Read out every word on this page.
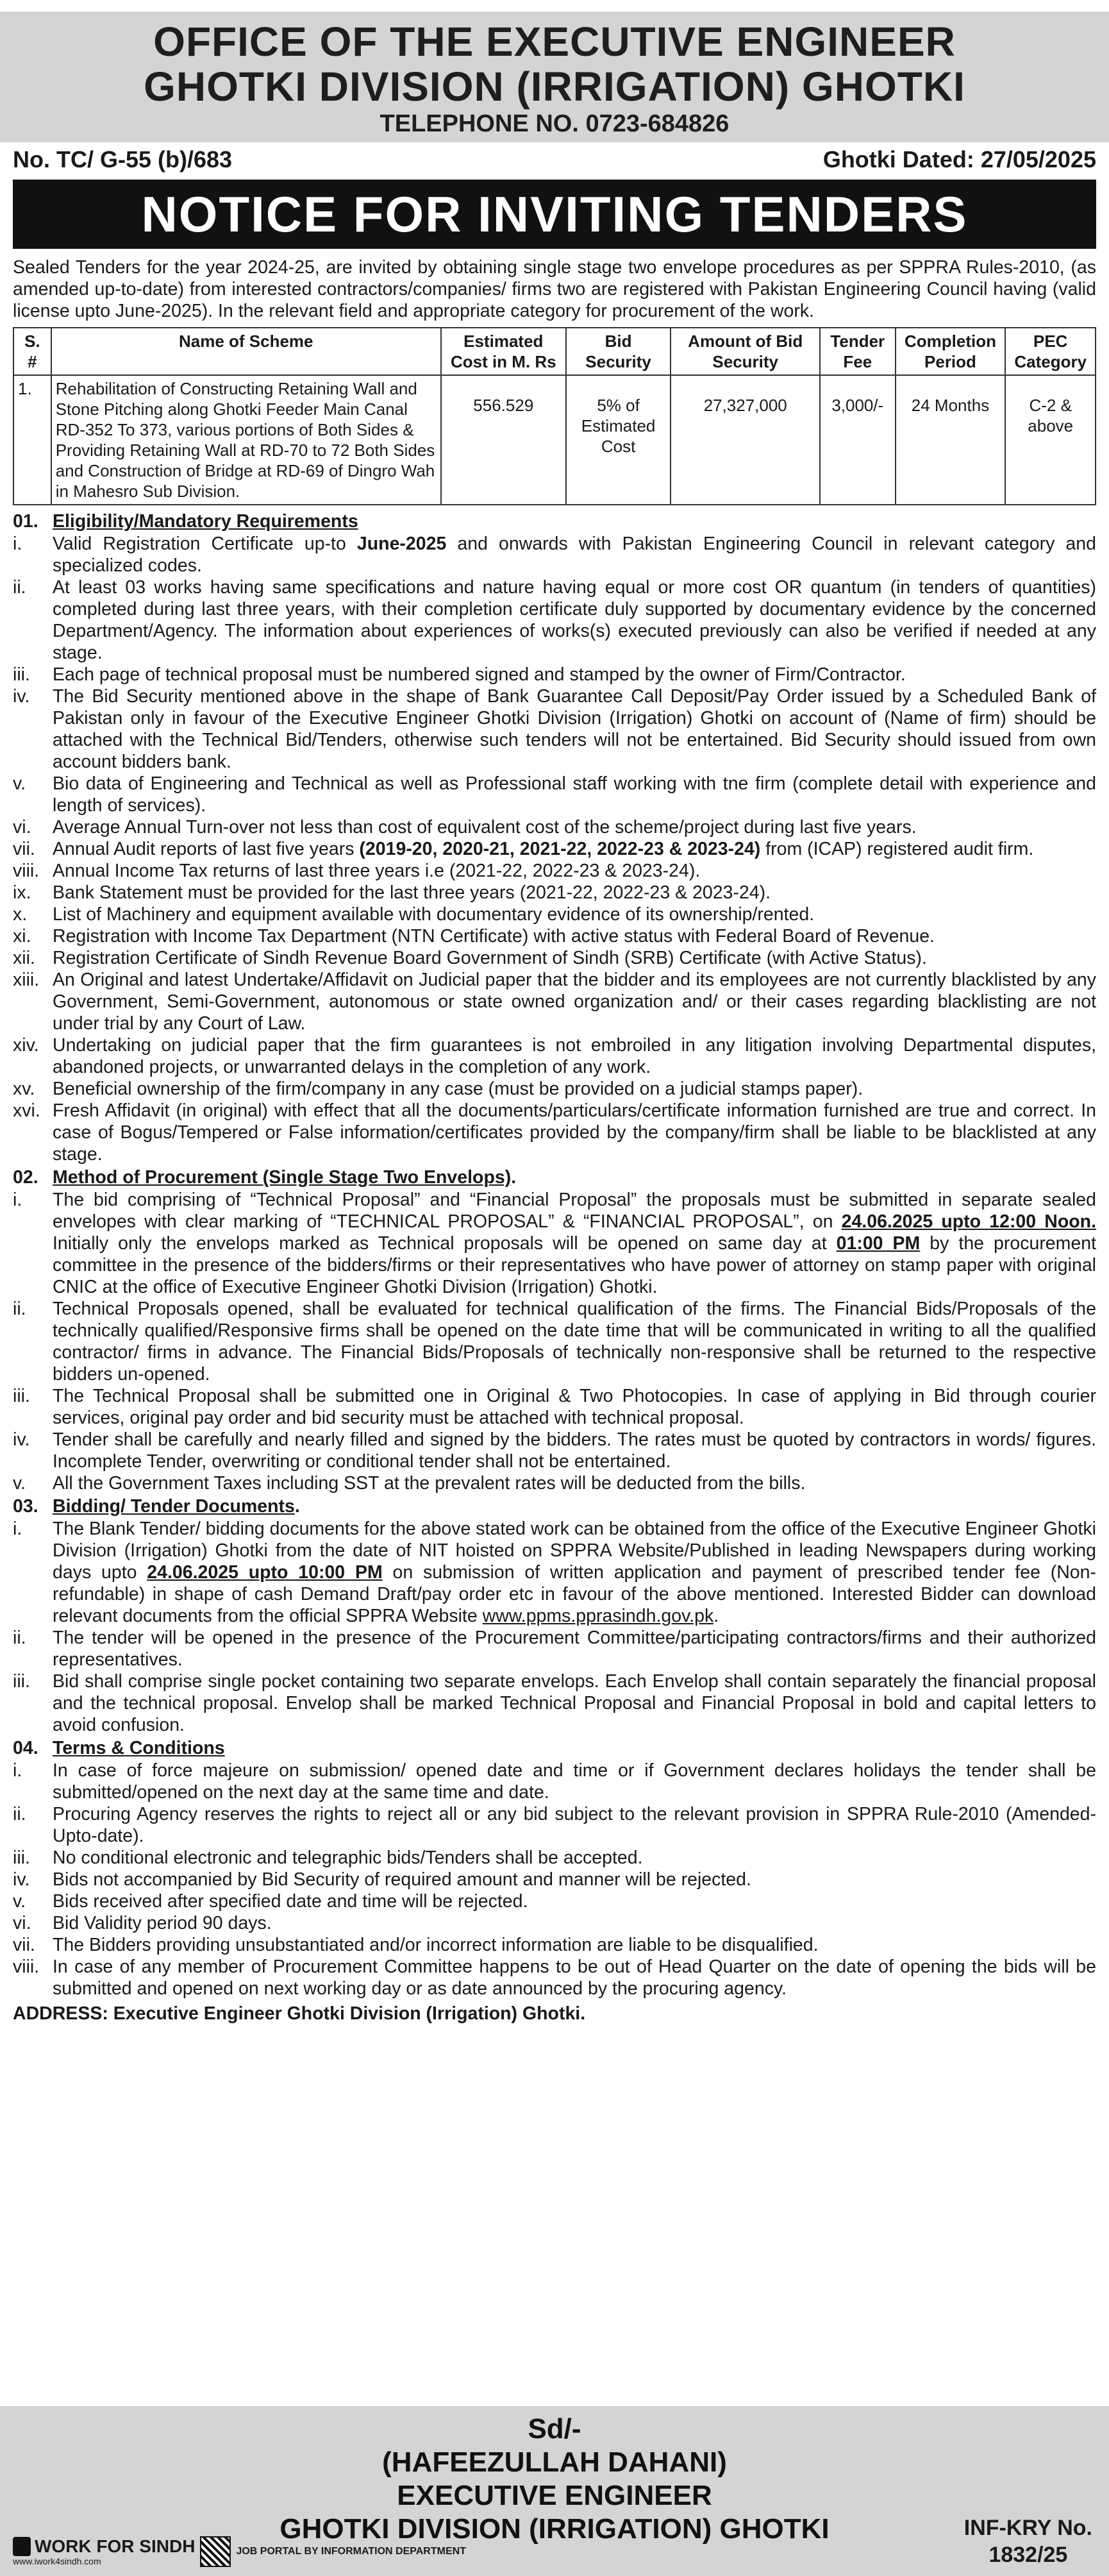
OFFICE OF THE EXECUTIVE ENGINEER
GHOTKI DIVISION (IRRIGATION) GHOTKI
TELEPHONE NO. 0723-684826
No. TC/ G-55 (b)/683	Ghotki Dated: 27/05/2025
NOTICE FOR INVITING TENDERS
Sealed Tenders for the year 2024-25, are invited by obtaining single stage two envelope procedures as per SPPRA Rules-2010, (as amended up-to-date) from interested contractors/companies/ firms two are registered with Pakistan Engineering Council having (valid license upto June-2025). In the relevant field and appropriate category for procurement of the work.
S. #	Name of Scheme	Estimated Cost in M. Rs	Bid Security	Amount of Bid Security	Tender Fee	Completion Period	PEC Category
1.	Rehabilitation of Constructing Retaining Wall and Stone Pitching along Ghotki Feeder Main Canal RD-352 To 373, various portions of Both Sides & Providing Retaining Wall at RD-70 to 72 Both Sides and Construction of Bridge at RD-69 of Dingro Wah in Mahesro Sub Division.	556.529	5% of Estimated Cost	27,327,000	3,000/-	24 Months	C-2 & above
01. Eligibility/Mandatory Requirements
i.	Valid Registration Certificate up-to June-2025 and onwards with Pakistan Engineering Council in relevant category and specialized codes.
ii.	At least 03 works having same specifications and nature having equal or more cost OR quantum (in tenders of quantities) completed during last three years, with their completion certificate duly supported by documentary evidence by the concerned Department/Agency. The information about experiences of works(s) executed previously can also be verified if needed at any stage.
iii.	Each page of technical proposal must be numbered signed and stamped by the owner of Firm/Contractor.
iv.	The Bid Security mentioned above in the shape of Bank Guarantee Call Deposit/Pay Order issued by a Scheduled Bank of Pakistan only in favour of the Executive Engineer Ghotki Division (Irrigation) Ghotki on account of (Name of firm) should be attached with the Technical Bid/Tenders, otherwise such tenders will not be entertained. Bid Security should issued from own account bidders bank.
v.	Bio data of Engineering and Technical as well as Professional staff working with tne firm (complete detail with experience and length of services).
vi.	Average Annual Turn-over not less than cost of equivalent cost of the scheme/project during last five years.
vii. Annual Audit reports of last five years (2019-20, 2020-21, 2021-22, 2022-23 & 2023-24) from (ICAP) registered audit firm.
viii. Annual Income Tax returns of last three years i.e (2021-22, 2022-23 & 2023-24).
ix.	Bank Statement must be provided for the last three years (2021-22, 2022-23 & 2023-24).
x.	List of Machinery and equipment available with documentary evidence of its ownership/rented.
xi.	Registration with Income Tax Department (NTN Certificate) with active status with Federal Board of Revenue.
xii. Registration Certificate of Sindh Revenue Board Government of Sindh (SRB) Certificate (with Active Status).
xiii. An Original and latest Undertake/Affidavit on Judicial paper that the bidder and its employees are not currently blacklisted by any Government, Semi-Government, autonomous or state owned organization and/ or their cases regarding blacklisting are not under trial by any Court of Law.
xiv. Undertaking on judicial paper that the firm guarantees is not embroiled in any litigation involving Departmental disputes, abandoned projects, or unwarranted delays in the completion of any work.
xv. Beneficial ownership of the firm/company in any case (must be provided on a judicial stamps paper).
xvi. Fresh Affidavit (in original) with effect that all the documents/particulars/certificate information furnished are true and correct. In case of Bogus/Tempered or False information/certificates provided by the company/firm shall be liable to be blacklisted at any stage.
02. Method of Procurement (Single Stage Two Envelops).
i.	The bid comprising of “Technical Proposal” and “Financial Proposal” the proposals must be submitted in separate sealed envelopes with clear marking of “TECHNICAL PROPOSAL” & “FINANCIAL PROPOSAL”, on 24.06.2025 upto 12:00 Noon. Initially only the envelops marked as Technical proposals will be opened on same day at 01:00 PM by the procurement committee in the presence of the bidders/firms or their representatives who have power of attorney on stamp paper with original CNIC at the office of Executive Engineer Ghotki Division (Irrigation) Ghotki.
ii.	Technical Proposals opened, shall be evaluated for technical qualification of the firms. The Financial Bids/Proposals of the technically qualified/Responsive firms shall be opened on the date time that will be communicated in writing to all the qualified contractor/ firms in advance. The Financial Bids/Proposals of technically non-responsive shall be returned to the respective bidders un-opened.
iii.	The Technical Proposal shall be submitted one in Original & Two Photocopies. In case of applying in Bid through courier services, original pay order and bid security must be attached with technical proposal.
iv.	Tender shall be carefully and nearly filled and signed by the bidders. The rates must be quoted by contractors in words/ figures. Incomplete Tender, overwriting or conditional tender shall not be entertained.
v.	All the Government Taxes including SST at the prevalent rates will be deducted from the bills.
03. Bidding/ Tender Documents.
i.	The Blank Tender/ bidding documents for the above stated work can be obtained from the office of the Executive Engineer Ghotki Division (Irrigation) Ghotki from the date of NIT hoisted on SPPRA Website/Published in leading Newspapers during working days upto 24.06.2025 upto 10:00 PM on submission of written application and payment of prescribed tender fee (Non-refundable) in shape of cash Demand Draft/pay order etc in favour of the above mentioned. Interested Bidder can download relevant documents from the official SPPRA Website www.ppms.pprasindh.gov.pk.
ii.	The tender will be opened in the presence of the Procurement Committee/participating contractors/firms and their authorized representatives.
iii.	Bid shall comprise single pocket containing two separate envelops. Each Envelop shall contain separately the financial proposal and the technical proposal. Envelop shall be marked Technical Proposal and Financial Proposal in bold and capital letters to avoid confusion.
04. Terms & Conditions
i.	In case of force majeure on submission/ opened date and time or if Government declares holidays the tender shall be submitted/opened on the next day at the same time and date.
ii.	Procuring Agency reserves the rights to reject all or any bid subject to the relevant provision in SPPRA Rule-2010 (Amended-Upto-date).
iii.	No conditional electronic and telegraphic bids/Tenders shall be accepted.
iv.	Bids not accompanied by Bid Security of required amount and manner will be rejected.
v.	Bids received after specified date and time will be rejected.
vi.	Bid Validity period 90 days.
vii. The Bidders providing unsubstantiated and/or incorrect information are liable to be disqualified.
viii. In case of any member of Procurement Committee happens to be out of Head Quarter on the date of opening the bids will be submitted and opened on next working day or as date announced by the procuring agency.
ADDRESS: Executive Engineer Ghotki Division (Irrigation) Ghotki.
Sd/-
(HAFEEZULLAH DAHANI)
EXECUTIVE ENGINEER
GHOTKI DIVISION (IRRIGATION) GHOTKI
WORK FOR SINDH
www.iwork4sindh.com
JOB PORTAL BY INFORMATION DEPARTMENT
INF-KRY No.
1832/25
